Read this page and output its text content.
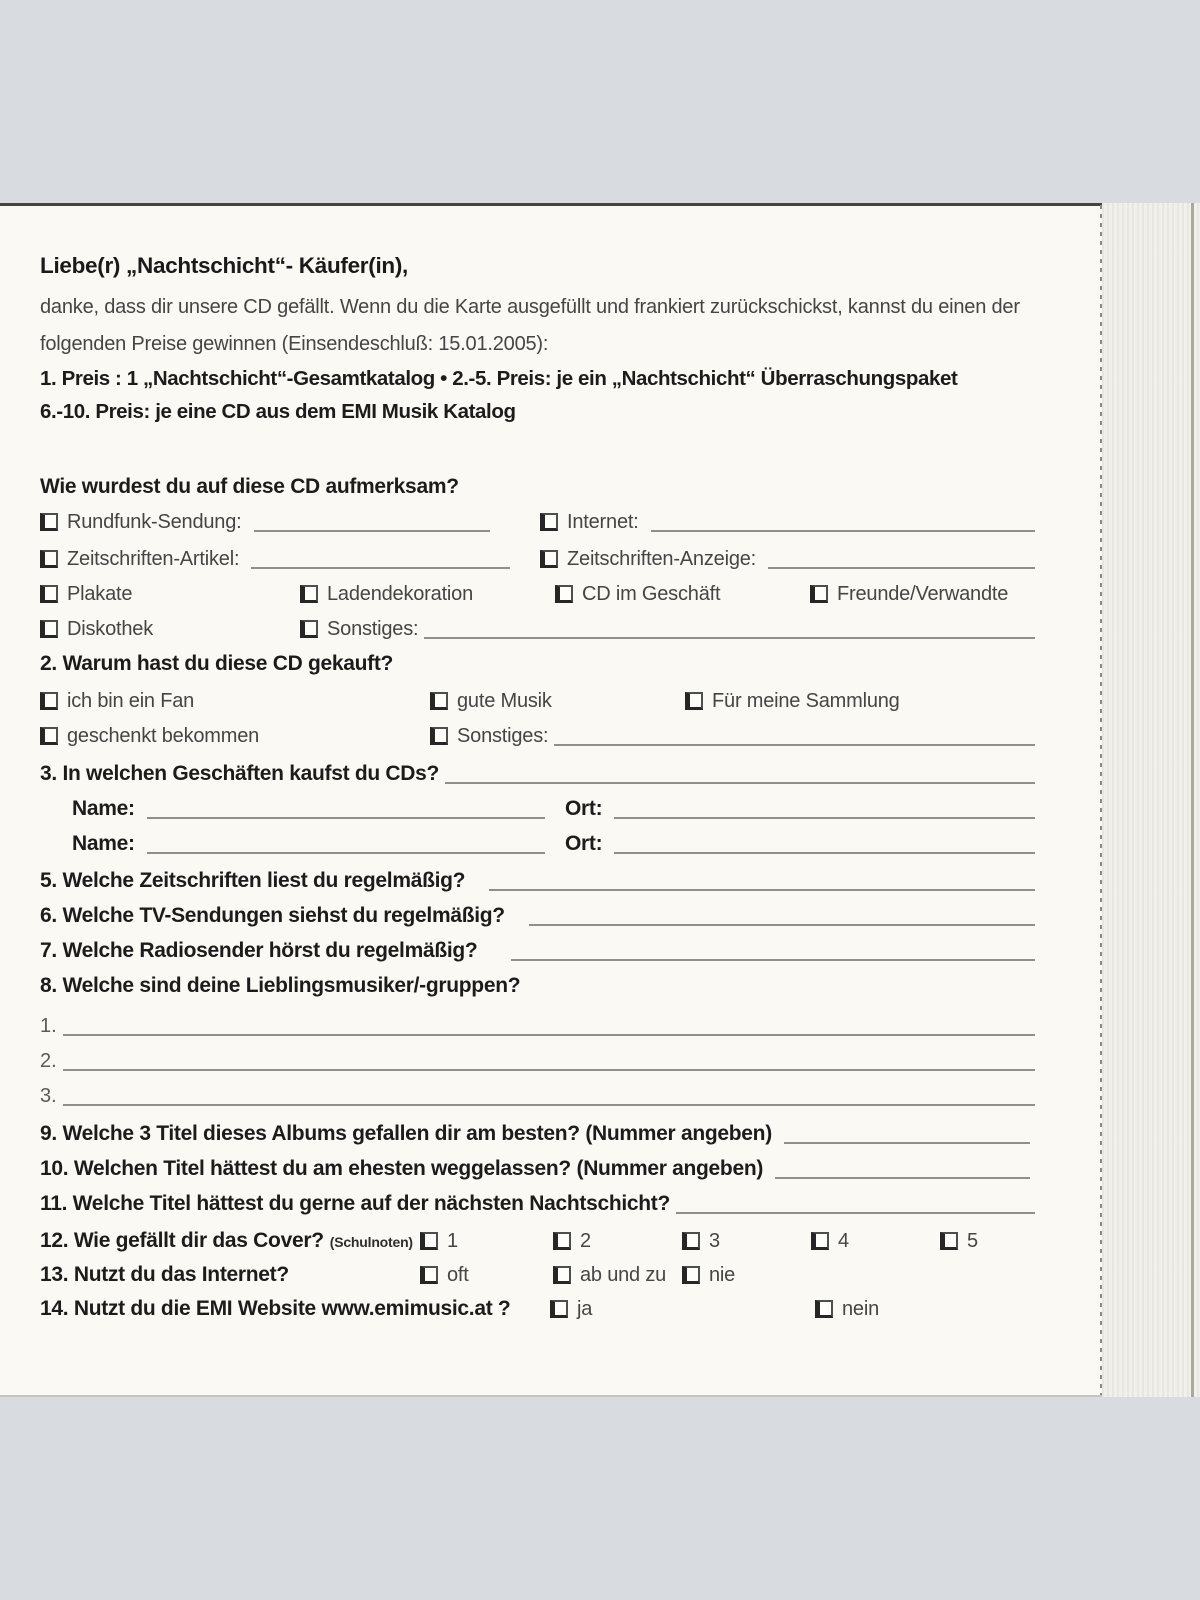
Liebe(r) „Nachtschicht“- Käufer(in),
danke, dass dir unsere CD gefällt. Wenn du die Karte ausgefüllt und frankiert zurückschickst, kannst du einen der
folgenden Preise gewinnen (Einsendeschluß: 15.01.2005):
1. Preis : 1 „Nachtschicht“-Gesamtkatalog • 2.-5. Preis: je ein „Nachtschicht“ Überraschungspaket
6.-10. Preis: je eine CD aus dem EMI Musik Katalog
Wie wurdest du auf diese CD aufmerksam?
Rundfunk-Sendung:	Internet:
Zeitschriften-Artikel:	Zeitschriften-Anzeige:
Plakate	Ladendekoration	CD im Geschäft	Freunde/Verwandte
Diskothek	Sonstiges:
2. Warum hast du diese CD gekauft?
ich bin ein Fan	gute Musik	Für meine Sammlung
geschenkt bekommen	Sonstiges:
3. In welchen Geschäften kaufst du CDs?
Name:	Ort:
Name:	Ort:
5. Welche Zeitschriften liest du regelmäßig?
6. Welche TV-Sendungen siehst du regelmäßig?
7. Welche Radiosender hörst du regelmäßig?
8. Welche sind deine Lieblingsmusiker/-gruppen?
1.
2.
3.
9. Welche 3 Titel dieses Albums gefallen dir am besten? (Nummer angeben)
10. Welchen Titel hättest du am ehesten weggelassen? (Nummer angeben)
11. Welche Titel hättest du gerne auf der nächsten Nachtschicht?
12. Wie gefällt dir das Cover? (Schulnoten) 1	2	3	4	5
13. Nutzt du das Internet?	oft	ab und zu nie
14. Nutzt du die EMI Website www.emimusic.at ?	ja	nein
